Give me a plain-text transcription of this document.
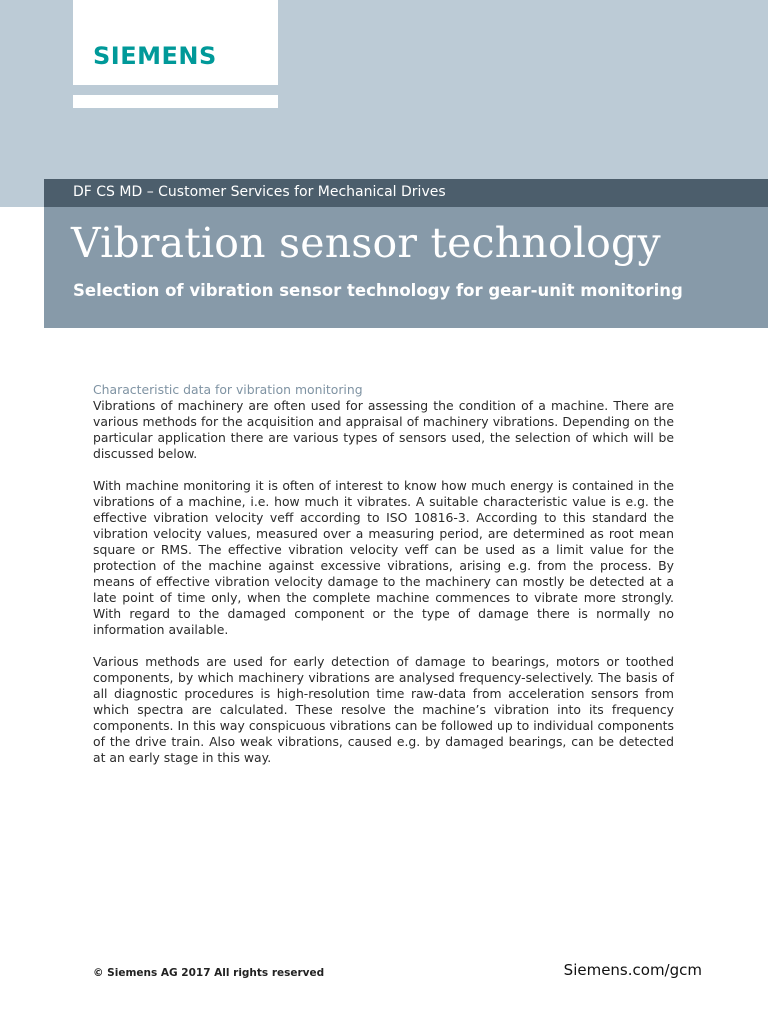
SIEMENS
DF CS MD – Customer Services for Mechanical Drives
Vibration sensor technology
Selection of vibration sensor technology for gear-unit monitoring
Characteristic data for vibration monitoring

Vibrations of machinery are often used for assessing the condition of a machine. There are various methods for the acquisition and appraisal of machinery vibrations. Depending on the particular application there are various types of sensors used, the selection of which will be discussed below.

With machine monitoring it is often of interest to know how much energy is contained in the vibrations of a machine, i.e. how much it vibrates. A suitable characteristic value is e.g. the effective vibration velocity veff according to ISO 10816-3. According to this standard the vibration velocity values, measured over a measuring period, are determined as root mean square or RMS. The effective vibration velocity veff can be used as a limit value for the protection of the machine against excessive vibrations, arising e.g. from the process. By means of effective vibration velocity damage to the machinery can mostly be detected at a late point of time only, when the complete machine commences to vibrate more strongly. With regard to the damaged component or the type of damage there is normally no information available.

Various methods are used for early detection of damage to bearings, motors or toothed components, by which machinery vibrations are analysed frequency-selectively. The basis of all diagnostic procedures is high-resolution time raw-data from acceleration sensors from which spectra are calculated. These resolve the machine’s vibration into its frequency components. In this way conspicuous vibrations can be followed up to individual components of the drive train. Also weak vibrations, caused e.g. by damaged bearings, can be detected at an early stage in this way.

© Siemens AG 2017 All rights reserved	Siemens.com/gcm
